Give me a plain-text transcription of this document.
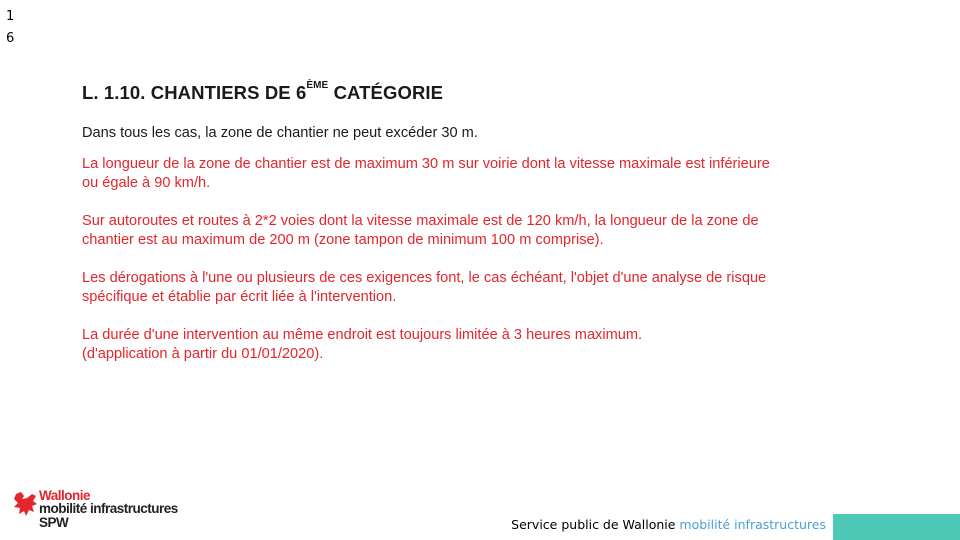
1
6
L. 1.10. CHANTIERS DE 6ÈME CATÉGORIE

Dans tous les cas, la zone de chantier ne peut excéder 30 m.

La longueur de la zone de chantier est de maximum 30 m sur voirie dont la vitesse maximale est inférieure
ou égale à 90 km/h.

Sur autoroutes et routes à 2*2 voies dont la vitesse maximale est de 120 km/h, la longueur de la zone de
chantier est au maximum de 200 m (zone tampon de minimum 100 m comprise).

Les dérogations à l'une ou plusieurs de ces exigences font, le cas échéant, l'objet d'une analyse de risque
spécifique et établie par écrit liée à l'intervention.

La durée d'une intervention au même endroit est toujours limitée à 3 heures maximum.
(d'application à partir du 01/01/2020).

Wallonie
mobilité infrastructures
SPW	Service public de Wallonie mobilité infrastructures
